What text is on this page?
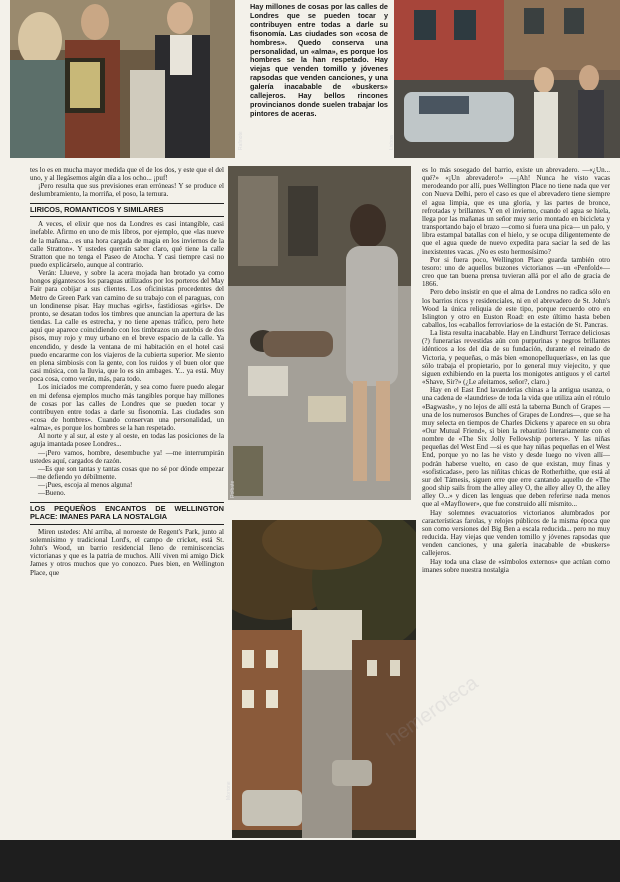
Rafinote
Hay millones de cosas por las calles de Londres que se pueden tocar y contribuyen entre todas a darle su fisonomía. Las ciudades son «cosa de hombres». Quedo conserva una personalidad, un «alma», es porque los hombres se la han respetado. Hay viejas que venden tomillo y jóvenes rapsodas que venden canciones, y una galería inacabable de «buskers» callejeros. Hay bellos rincones provincianos donde suelen trabajar los pintores de aceras.
Lisboa

tes lo es en mucha mayor medida que el de los dos, y este que el del uno, y al llegásemos algún día a los ocho... ¡puf!

¡Pero resulta que sus previsiones eran erróneas! Y se produce el deslumbramiento, la morriña, el poso, la ternura.

LIRICOS, ROMANTICOS Y SIMILARES

A veces, el elixir que nos da Londres es casi intangible, casi inefable. Afirmo en uno de mis libros, por ejemplo, que «las nueve de la mañana... es una hora cargada de magia en los inviernos de la calle Stratton». Y ustedes querrán saber claro, qué tiene la calle Stratton que no tenga el Paseo de Atocha. Y casi tiempre casi no puedo explicárselo, aunque al contrario.

Verán: Llueve, y sobre la acera mojada han brotado ya como hongos gigantescos los paraguas utilizados por los porteros del May Fair para cobijar a sus clientes. Los oficinistas procedentes del Metro de Green Park van camino de su trabajo con el paraguas, con un londinense pisar. Hay muchas «girls», fastidiosas «girls». De pronto, se desatan todos los timbres que anuncian la apertura de las tiendas. La calle es estrecha, y no tiene apenas tráfico, pero hete aquí que aparece coincidiendo con los timbrazos un autobús de dos pisos, muy rojo y muy urbano en el breve espacio de la calle. Ya encendido, y desde la ventana de mi habitación en el hotel casi puedo encararme con los viajeros de la cubierta superior. Me siento en plena simbiosis con la gente, con los ruidos y el buen olor que casi música, con la lluvia, que lo es sin ambages. Y... ya está. Muy poca cosa, como verán, más, para todo.

Los iniciados me comprenderán, y sea como fuere puedo alegar en mi defensa ejemplos mucho más tangibles porque hay millones de cosas por las calles de Londres que se pueden tocar y contribuyen entre todas a darle su fisonomía. Las ciudades son «cosa de hombres». Cuando conservan una personalidad, un «alma», es porque los hombres se la han respetado.

Al norte y al sur, al este y al oeste, en todas las posiciones de la aguja imantada posee Londres...

—¡Pero vamos, hombre, desembuche ya! —me interrumpirán ustedes aquí, cargados de razón.

—Es que son tantas y tantas cosas que no sé por dónde empezar —me defiendo yo débilmente.

—¡Pues, escoja al menos alguna!

—Bueno.

LOS PEQUEÑOS ENCANTOS DE WELLINGTON PLACE: IMANES PARA LA NOSTALGIA

Miren ustedes: Ahí arriba, al noroeste de Regent's Park, junto al solemnísimo y tradicional Lord's, el campo de cricket, está St. John's Wood, un barrio residencial lleno de reminiscencias victorianas y que es la patria de muchos. Allí viven mi amigo Dick James y otros muchos que yo conozco. Pues bien, en Wellington Place, que

Rolbate
Morrone

es lo más sosegado del barrio, existe un abrevadero. —«¿Un... qué?» «¡Un abrevadero!» —¡Ah! Nunca he visto vacas merodeando por allí, pues Wellington Place no tiene nada que ver con Nueva Delhi, pero el caso es que el abrevadero tiene siempre el agua limpia, que es una gloria, y las partes de bronce, refrotadas y brillantes. Y en el invierno, cuando el agua se hiela, llega por las mañanas un señor muy serio montado en bicicleta y transportando bajo el brazo —como si fuera una pica— un palo, y libra estampal batallas con el hielo, y se ocupa diligentemente de que el agua quede de nuevo expedita para saciar la sed de las inexistentes vacas. ¿No es esto hermosísimo?

Por si fuera poco, Wellington Place guarda también otro tesoro: uno de aquellos buzones victorianos —un «Penfold»— creo que tan buena prensa tuvieran allá por el año de gracia de 1866.

Pero debo insistir en que el alma de Londres no radica sólo en los barrios ricos y residenciales, ni en el abrevadero de St. John's Wood la única reliquia de este tipo, porque recuerdo otro en Islington y otro en Euston Road: en este último hasta beben caballos, los «caballos ferroviarios» de la estación de St. Pancras.

La lista resulta inacabable. Hay en Lindhurst Terrace deliciosas (?) funerarias revestidas aún con purpurinas y negros brillantes idénticos a los del día de su fundación, durante el reinado de Victoria, y pequeñas, o más bien «monopelluquerías», en las que sólo trabaja el propietario, por lo general muy viejecito, y que siguen exhibiendo en la puerta los monigotes antiguos y el cartel «Shave, Sir?» (¿Le afeitamos, señor?, claro.)

Hay en el East End lavanderías chinas a la antigua usanza, o una cadena de «laundries» de toda la vida que utiliza aún el rótulo «Bagwash», y no lejos de allí está la taberna Bunch of Grapes —una de los numerosos Bunches of Grapes de Londres—, que se ha muy selecta en tiempos de Charles Dickens y aparece en su obra «Our Mutual Friend», si bien la rebautizó literariamente con el nombre de «The Six Jolly Fellowship porters». Y las niñas pequeñas del West End —si es que hay niñas pequeñas en el West End, porque yo no las he visto y desde luego no viven allí— podrán haberse vuelto, en caso de que existan, muy finas y «sofisticadas», pero las niñitas chicas de Rotherhithe, que está al sur del Támesis, siguen erre que erre cantando aquello de «The good ship sails from the alley alley O, the alley alley O, the alley alley O...» y dicen las lenguas que deben referirse nada menos que al «Mayflower», que fue construido allí mismito...

Hay solemnes evacuatorios victorianos alumbrados por características farolas, y relojes públicos de la misma época que son como versiones del Big Ben a escala reducida... pero no muy reducida. Hay viejas que venden tomillo y jóvenes rapsodas que venden canciones, y una galería inacabable de «buskers» callejeros.

Hay toda una clase de «símbolos externos» que actúan como imanes sobre nuestra nostalgia

hemeroteca
